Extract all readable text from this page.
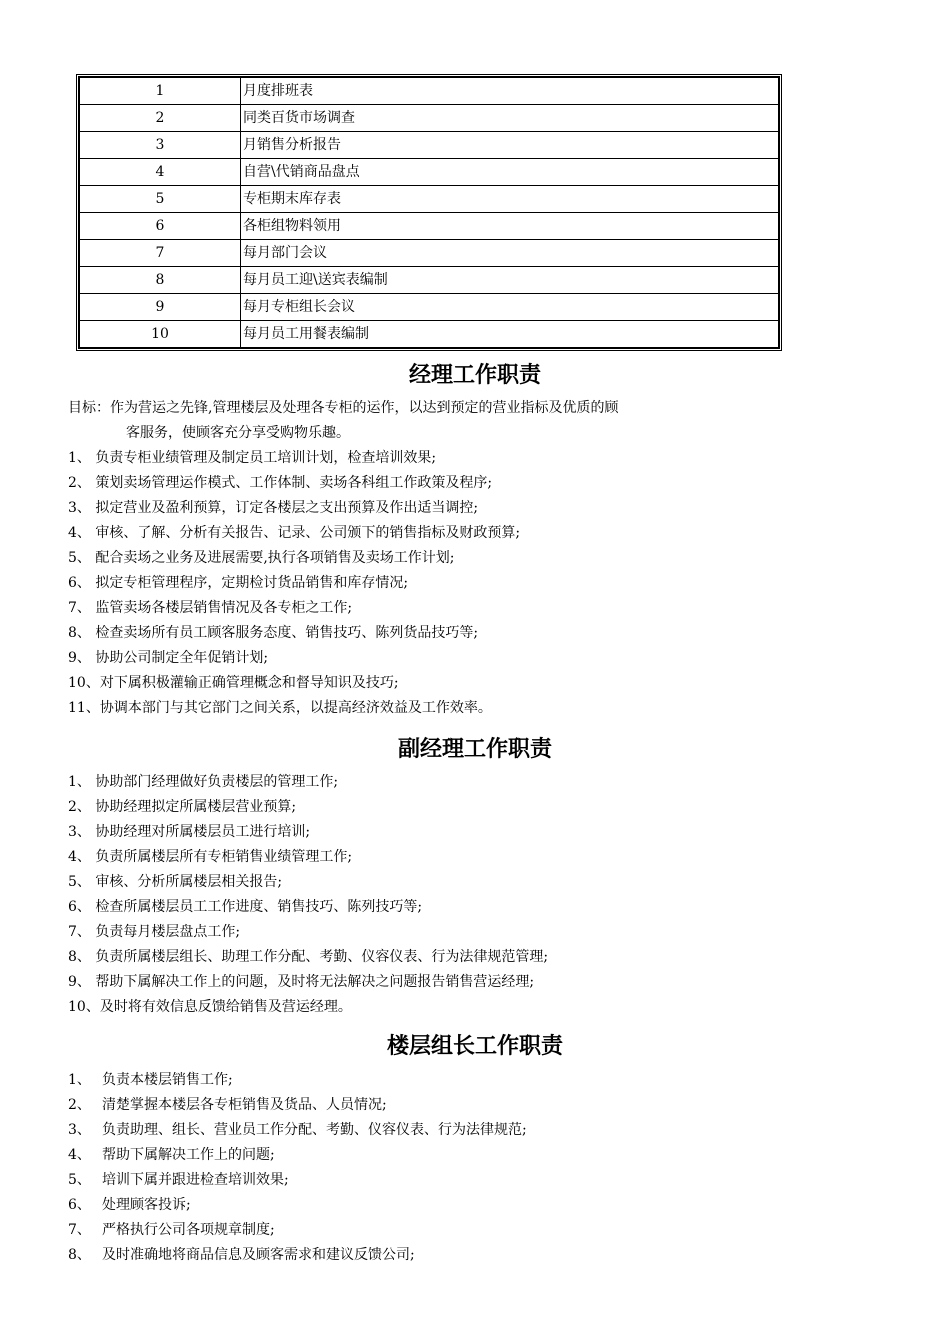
1	月度排班表
2	同类百货市场调查
3	月销售分析报告
4	自营\代销商品盘点
5	专柜期末库存表
6	各柜组物料领用
7	每月部门会议
8	每月员工迎\送宾表编制
9	每月专柜组长会议
10	每月员工用餐表编制
经理工作职责
目标：作为营运之先锋,管理楼层及处理各专柜的运作，以达到预定的营业指标及优质的顾
客服务，使顾客充分享受购物乐趣。
1、 负责专柜业绩管理及制定员工培训计划，检查培训效果;
2、 策划卖场管理运作模式、工作体制、卖场各科组工作政策及程序;
3、 拟定营业及盈利预算，订定各楼层之支出预算及作出适当调控;
4、 审核、了解、分析有关报告、记录、公司颁下的销售指标及财政预算;
5、 配合卖场之业务及进展需要,执行各项销售及卖场工作计划;
6、 拟定专柜管理程序，定期检讨货品销售和库存情况;
7、 监管卖场各楼层销售情况及各专柜之工作;
8、 检查卖场所有员工顾客服务态度、销售技巧、陈列货品技巧等;
9、 协助公司制定全年促销计划;
10、对下属积极灌输正确管理概念和督导知识及技巧;
11、协调本部门与其它部门之间关系，以提高经济效益及工作效率。
副经理工作职责
1、 协助部门经理做好负责楼层的管理工作;
2、 协助经理拟定所属楼层营业预算;
3、 协助经理对所属楼层员工进行培训;
4、 负责所属楼层所有专柜销售业绩管理工作;
5、 审核、分析所属楼层相关报告;
6、 检查所属楼层员工工作进度、销售技巧、陈列技巧等;
7、 负责每月楼层盘点工作;
8、 负责所属楼层组长、助理工作分配、考勤、仪容仪表、行为法律规范管理;
9、 帮助下属解决工作上的问题，及时将无法解决之问题报告销售营运经理;
10、及时将有效信息反馈给销售及营运经理。
楼层组长工作职责
1、 负责本楼层销售工作;
2、 清楚掌握本楼层各专柜销售及货品、人员情况;
3、 负责助理、组长、营业员工作分配、考勤、仪容仪表、行为法律规范;
4、 帮助下属解决工作上的问题;
5、 培训下属并跟进检查培训效果;
6、 处理顾客投诉;
7、 严格执行公司各项规章制度;
8、 及时准确地将商品信息及顾客需求和建议反馈公司;
